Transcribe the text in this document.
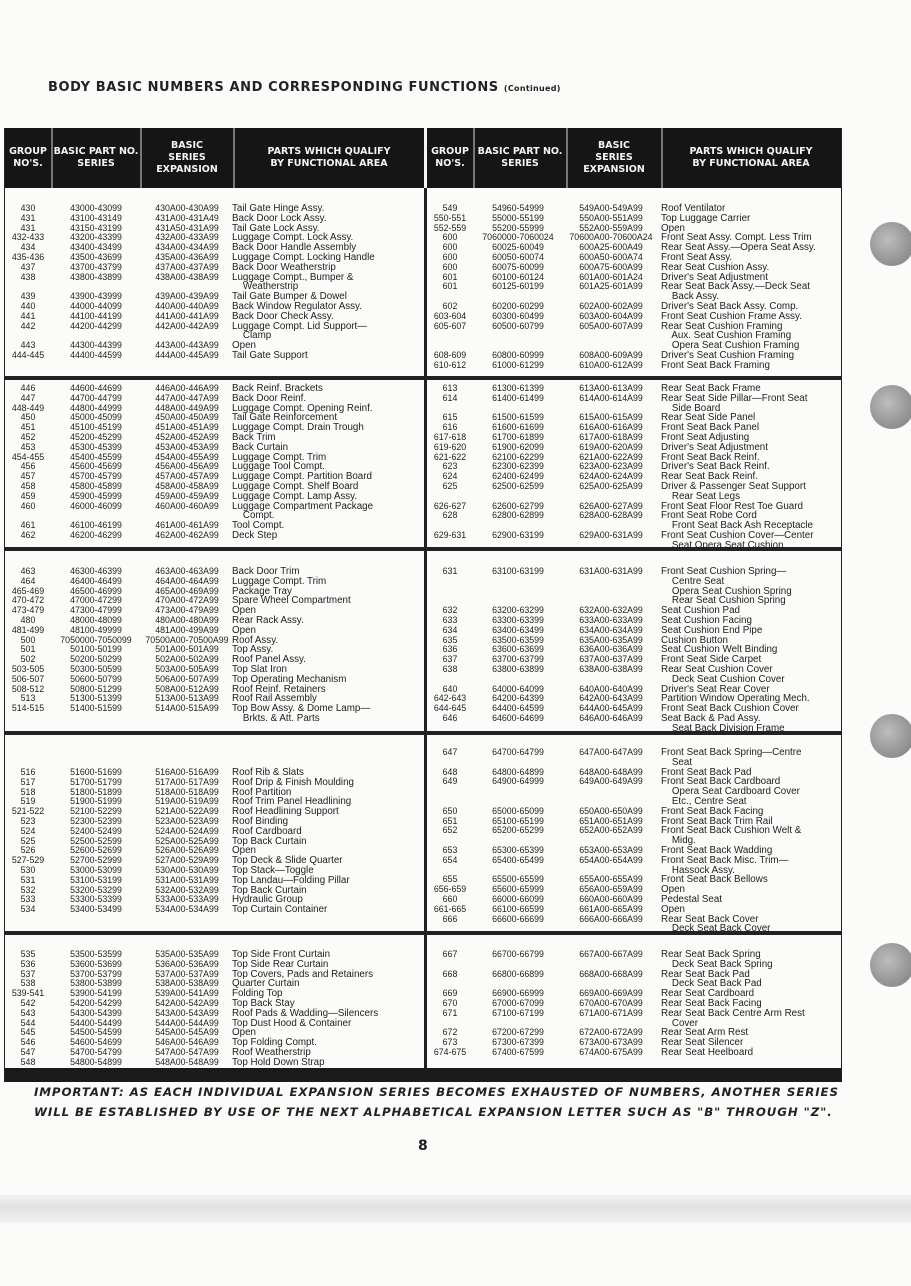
BODY BASIC NUMBERS AND CORRESPONDING FUNCTIONS (Continued)
GROUP
NO'S.
BASIC PART NO.
SERIES
BASIC
SERIES EXPANSION
PARTS WHICH QUALIFY
BY FUNCTIONAL AREA
GROUP
NO'S.
BASIC PART NO.
SERIES
BASIC
SERIES EXPANSION
PARTS WHICH QUALIFY
BY FUNCTIONAL AREA
430
431
431
432-433
434
435-436
437
438

439
440
441
442

443
444-445
43000-43099
43100-43149
43150-43199
43200-43399
43400-43499
43500-43699
43700-43799
43800-43899

43900-43999
44000-44099
44100-44199
44200-44299

44300-44399
44400-44599
430A00-430A99
431A00-431A49
431A50-431A99
432A00-433A99
434A00-434A99
435A00-436A99
437A00-437A99
438A00-438A99

439A00-439A99
440A00-440A99
441A00-441A99
442A00-442A99

443A00-443A99
444A00-445A99
Tail Gate Hinge Assy.
Back Door Lock Assy.
Tail Gate Lock Assy.
Luggage Compt. Lock Assy.
Back Door Handle Assembly
Luggage Compt. Locking Handle
Back Door Weatherstrip
Luggage Compt., Bumper &
Weatherstrip
Tail Gate Bumper & Dowel
Back Window Regulator Assy.
Back Door Check Assy.
Luggage Compt. Lid Support—
Clamp
Open
Tail Gate Support
446
447
448-449
450
451
452
453
454-455
456
457
458
459
460

461
462
44600-44699
44700-44799
44800-44999
45000-45099
45100-45199
45200-45299
45300-45399
45400-45599
45600-45699
45700-45799
45800-45899
45900-45999
46000-46099

46100-46199
46200-46299
446A00-446A99
447A00-447A99
448A00-449A99
450A00-450A99
451A00-451A99
452A00-452A99
453A00-453A99
454A00-455A99
456A00-456A99
457A00-457A99
458A00-458A99
459A00-459A99
460A00-460A99

461A00-461A99
462A00-462A99
Back Reinf. Brackets
Back Door Reinf.
Luggage Compt. Opening Reinf.
Tail Gate Reinforcement
Luggage Compt. Drain Trough
Back Trim
Back Curtain
Luggage Compt. Trim
Luggage Tool Compt.
Luggage Compt. Partition Board
Luggage Compt. Shelf Board
Luggage Compt. Lamp Assy.
Luggage Compartment Package
Compt.
Tool Compt.
Deck Step
463
464
465-469
470-472
473-479
480
481-499
500
501
502
503-505
506-507
508-512
513
514-515
46300-46399
46400-46499
46500-46999
47000-47299
47300-47999
48000-48099
48100-49999
7050000-7050099
50100-50199
50200-50299
50300-50599
50600-50799
50800-51299
51300-51399
51400-51599
463A00-463A99
464A00-464A99
465A00-469A99
470A00-472A99
473A00-479A99
480A00-480A99
481A00-499A99
70500A00-70500A99
501A00-501A99
502A00-502A99
503A00-505A99
506A00-507A99
508A00-512A99
513A00-513A99
514A00-515A99
Back Door Trim
Luggage Compt. Trim
Package Tray
Spare Wheel Compartment
Open
Rear Rack Assy.
Open
Roof Assy.
Top Assy.
Roof Panel Assy.
Top Slat Iron
Top Operating Mechanism
Roof Reinf. Retainers
Roof Rail Assembly
Top Bow Assy. & Dome Lamp—
Brkts. & Att. Parts
516
517
518
519
521-522
523
524
525
526
527-529
530
531
532
533
534
51600-51699
51700-51799
51800-51899
51900-51999
52100-52299
52300-52399
52400-52499
52500-52599
52600-52699
52700-52999
53000-53099
53100-53199
53200-53299
53300-53399
53400-53499
516A00-516A99
517A00-517A99
518A00-518A99
519A00-519A99
521A00-522A99
523A00-523A99
524A00-524A99
525A00-525A99
526A00-526A99
527A00-529A99
530A00-530A99
531A00-531A99
532A00-532A99
533A00-533A99
534A00-534A99
Roof Rib & Slats
Roof Drip & Finish Moulding
Roof Partition
Roof Trim Panel Headlining
Roof Headlining Support
Roof Binding
Roof Cardboard
Top Back Curtain
Open
Top Deck & Slide Quarter
Top Stack—Toggle
Top Landau—Folding Pillar
Top Back Curtain
Hydraulic Group
Top Curtain Container
535
536
537
538
539-541
542
543
544
545
546
547
548
53500-53599
53600-53699
53700-53799
53800-53899
53900-54199
54200-54299
54300-54399
54400-54499
54500-54599
54600-54699
54700-54799
54800-54899
535A00-535A99
536A00-536A99
537A00-537A99
538A00-538A99
539A00-541A99
542A00-542A99
543A00-543A99
544A00-544A99
545A00-545A99
546A00-546A99
547A00-547A99
548A00-548A99
Top Side Front Curtain
Top Side Rear Curtain
Top Covers, Pads and Retainers
Quarter Curtain
Folding Top
Top Back Stay
Roof Pads & Wadding—Silencers
Top Dust Hood & Container
Open
Top Folding Compt.
Roof Weatherstrip
Top Hold Down Strap
549
550-551
552-559
600
600
600
600
601
601

602
603-604
605-607

608-609
610-612
54960-54999
55000-55199
55200-55999
7060000-7060024
60025-60049
60050-60074
60075-60099
60100-60124
60125-60199

60200-60299
60300-60499
60500-60799

60800-60999
61000-61299
549A00-549A99
550A00-551A99
552A00-559A99
70600A00-70600A24
600A25-600A49
600A50-600A74
600A75-600A99
601A00-601A24
601A25-601A99

602A00-602A99
603A00-604A99
605A00-607A99

608A00-609A99
610A00-612A99
Roof Ventilator
Top Luggage Carrier
Open
Front Seat Assy. Compt. Less Trim
Rear Seat Assy.—Opera Seat Assy.
Front Seat Assy.
Rear Seat Cushion Assy.
Driver's Seat Adjustment
Rear Seat Back Assy.—Deck Seat
Back Assy.
Driver's Seat Back Assy. Comp.
Front Seat Cushion Frame Assy.
Rear Seat Cushion Framing
Aux. Seat Cushion Framing
Opera Seat Cushion Framing
Driver's Seat Cushion Framing
Front Seat Back Framing
613
614

615
616
617-618
619-620
621-622
623
624
625

626-627
628

629-631
61300-61399
61400-61499

61500-61599
61600-61699
61700-61899
61900-62099
62100-62299
62300-62399
62400-62499
62500-62599

62600-62799
62800-62899

62900-63199
613A00-613A99
614A00-614A99

615A00-615A99
616A00-616A99
617A00-618A99
619A00-620A99
621A00-622A99
623A00-623A99
624A00-624A99
625A00-625A99

626A00-627A99
628A00-628A99

629A00-631A99
Rear Seat Back Frame
Rear Seat Side Pillar—Front Seat
Side Board
Rear Seat Side Panel
Front Seat Back Panel
Front Seat Adjusting
Driver's Seat Adjustment
Front Seat Back Reinf.
Driver's Seat Back Reinf.
Rear Seat Back Reinf.
Driver & Passenger Seat Support
Rear Seat Legs
Front Seat Floor Rest Toe Guard
Front Seat Robe Cord
Front Seat Back Ash Receptacle
Front Seat Cushion Cover—Center
Seat Opera Seat Cushion
631

632
633
634
635
636
637
638

640
642-643
644-645
646
63100-63199

63200-63299
63300-63399
63400-63499
63500-63599
63600-63699
63700-63799
63800-63899

64000-64099
64200-64399
64400-64599
64600-64699
631A00-631A99

632A00-632A99
633A00-633A99
634A00-634A99
635A00-635A99
636A00-636A99
637A00-637A99
638A00-638A99

640A00-640A99
642A00-643A99
644A00-645A99
646A00-646A99
Front Seat Cushion Spring—
Centre Seat
Opera Seat Cushion Spring
Rear Seat Cushion Spring
Seat Cushion Pad
Seat Cushion Facing
Seat Cushion End Pipe
Cushion Button
Seat Cushion Welt Binding
Front Seat Side Carpet
Rear Seat Cushion Cover
Deck Seat Cushion Cover
Driver's Seat Rear Cover
Partition Window Operating Mech.
Front Seat Back Cushion Cover
Seat Back & Pad Assy.
Seat Back Division Frame
647

648
649

650
651
652

653
654

655
656-659
660
661-665
666
64700-64799

64800-64899
64900-64999

65000-65099
65100-65199
65200-65299

65300-65399
65400-65499

65500-65599
65600-65999
66000-66099
66100-66599
66600-66699
647A00-647A99

648A00-648A99
649A00-649A99

650A00-650A99
651A00-651A99
652A00-652A99

653A00-653A99
654A00-654A99

655A00-655A99
656A00-659A99
660A00-660A99
661A00-665A99
666A00-666A99
Front Seat Back Spring—Centre
Seat
Front Seat Back Pad
Front Seat Back Cardboard
Opera Seat Cardboard Cover
Etc., Centre Seat
Front Seat Back Facing
Front Seat Back Trim Rail
Front Seat Back Cushion Welt &
Midg.
Front Seat Back Wadding
Front Seat Back Misc. Trim—
Hassock Assy.
Front Seat Back Bellows
Open
Pedestal Seat
Open
Rear Seat Back Cover
Deck Seat Back Cover
667

668

669
670
671

672
673
674-675
66700-66799

66800-66899

66900-66999
67000-67099
67100-67199

67200-67299
67300-67399
67400-67599
667A00-667A99

668A00-668A99

669A00-669A99
670A00-670A99
671A00-671A99

672A00-672A99
673A00-673A99
674A00-675A99
Rear Seat Back Spring
Deck Seat Back Spring
Rear Seat Back Pad
Deck Seat Back Pad
Rear Seat Cardboard
Rear Seat Back Facing
Rear Seat Back Centre Arm Rest
Cover
Rear Seat Arm Rest
Rear Seat Silencer
Rear Seat Heelboard
IMPORTANT: AS EACH INDIVIDUAL EXPANSION SERIES BECOMES EXHAUSTED OF NUMBERS, ANOTHER SERIES WILL BE ESTABLISHED BY USE OF THE NEXT ALPHABETICAL EXPANSION LETTER SUCH AS "B" THROUGH "Z".
8
